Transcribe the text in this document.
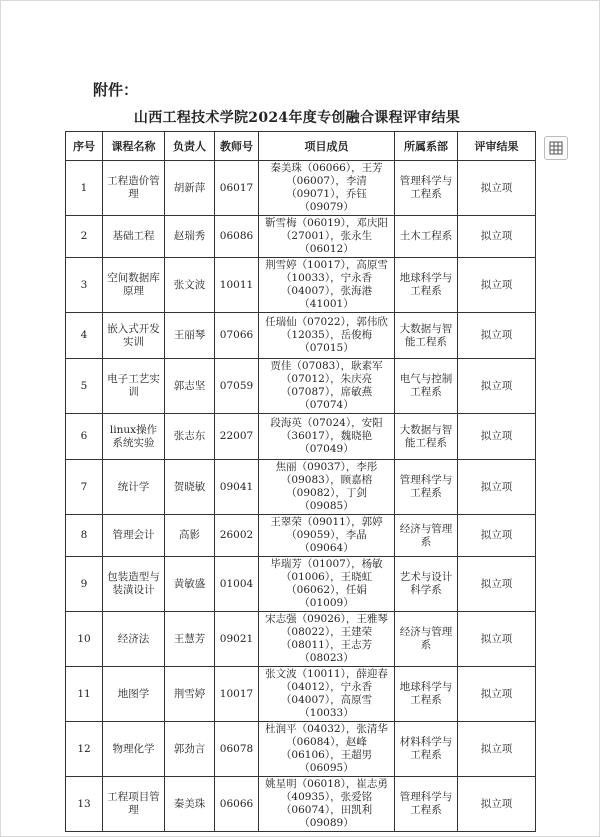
附件：
山西工程技术学院2024年度专创融合课程评审结果
序号	课程名称	负责人	教师号	项目成员	所属系部	评审结果
1	工程造价管理	胡新萍	06017	秦美珠（06066），王芳（06007），李清（09071），乔钰（09079）	管理科学与工程系	拟立项
2	基础工程	赵瑞秀	06086	靳雪梅（06019），邓庆阳（27001），张永生（06012）	土木工程系	拟立项
3	空间数据库原理	张文波	10011	荆雪婷（10017），高原雪（10033），宁永香（04007），张海港（41001）	地球科学与工程系	拟立项
4	嵌入式开发实训	王丽琴	07066	任瑞仙（07022），郭伟欣（12035），岳俊梅（07015）	大数据与智能工程系	拟立项
5	电子工艺实训	郭志坚	07059	贾佳（07083），耿素军（07012），朱庆亮（07087），席敏燕（07074）	电气与控制工程系	拟立项
6	linux操作系统实验	张志东	22007	段海英（07024），安阳（36017），魏晓艳（07049）	大数据与智能工程系	拟立项
7	统计学	贺晓敏	09041	焦丽（09037），李彤（09083），顾嘉榕（09082），丁剑（09085）	管理科学与工程系	拟立项
8	管理会计	高影	26002	王翠荣（09011），郭婷（09059），李晶（09064）	经济与管理系	拟立项
9	包装造型与装潢设计	黄敏盛	01004	毕瑞芳（01007），杨敏（01006），王晓虹（06062），任娟（01009）	艺术与设计科学系	拟立项
10	经济法	王慧芳	09021	宋志强（09026），王雅琴（08022），王建荣（08011），王志芳（08023）	经济与管理系	拟立项
11	地图学	荆雪婷	10017	张文波（10011），薛迎春（04012），宁永香（04007），高原雪（10033）	地球科学与工程系	拟立项
12	物理化学	郭劲言	06078	杜润平（04032），张清华（06084），赵峰（06106），王超男（06095）	材料科学与工程系	拟立项
13	工程项目管理	秦美珠	06066	姚星明（06018），崔志勇（40935），张爱铭（06074），田凯利（09089）	管理科学与工程系	拟立项
